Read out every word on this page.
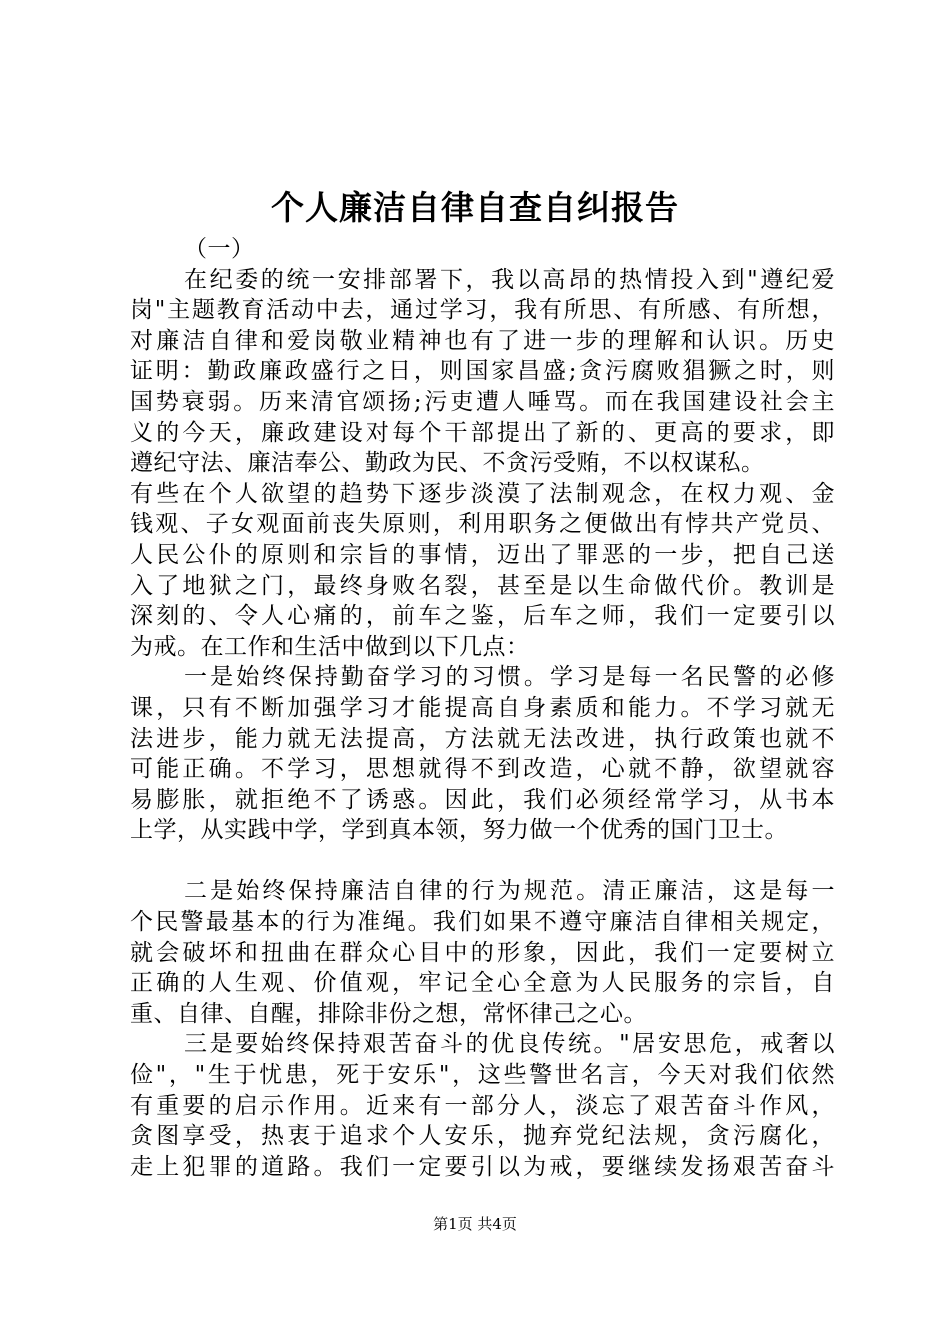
个人廉洁自律自查自纠报告
（一）
在纪委的统一安排部署下，我以高昂的热情投入到"遵纪爱
岗"主题教育活动中去，通过学习，我有所思、有所感、有所想，
对廉洁自律和爱岗敬业精神也有了进一步的理解和认识。历史
证明：勤政廉政盛行之日，则国家昌盛;贪污腐败猖獗之时，则
国势衰弱。历来清官颂扬;污吏遭人唾骂。而在我国建设社会主
义的今天，廉政建设对每个干部提出了新的、更高的要求，即
遵纪守法、廉洁奉公、勤政为民、不贪污受贿，不以权谋私。
有些在个人欲望的趋势下逐步淡漠了法制观念，在权力观、金
钱观、子女观面前丧失原则，利用职务之便做出有悖共产党员、
人民公仆的原则和宗旨的事情，迈出了罪恶的一步，把自己送
入了地狱之门，最终身败名裂，甚至是以生命做代价。教训是
深刻的、令人心痛的，前车之鉴，后车之师，我们一定要引以
为戒。在工作和生活中做到以下几点：
一是始终保持勤奋学习的习惯。学习是每一名民警的必修
课，只有不断加强学习才能提高自身素质和能力。不学习就无
法进步，能力就无法提高，方法就无法改进，执行政策也就不
可能正确。不学习，思想就得不到改造，心就不静，欲望就容
易膨胀，就拒绝不了诱惑。因此，我们必须经常学习，从书本
上学，从实践中学，学到真本领，努力做一个优秀的国门卫士。
二是始终保持廉洁自律的行为规范。清正廉洁，这是每一
个民警最基本的行为准绳。我们如果不遵守廉洁自律相关规定，
就会破坏和扭曲在群众心目中的形象，因此，我们一定要树立
正确的人生观、价值观，牢记全心全意为人民服务的宗旨，自
重、自律、自醒，排除非份之想，常怀律己之心。
三是要始终保持艰苦奋斗的优良传统。"居安思危，戒奢以
俭"，"生于忧患，死于安乐"，这些警世名言，今天对我们依然
有重要的启示作用。近来有一部分人，淡忘了艰苦奋斗作风，
贪图享受，热衷于追求个人安乐，抛弃党纪法规，贪污腐化，
走上犯罪的道路。我们一定要引以为戒，要继续发扬艰苦奋斗
第1页 共4页
